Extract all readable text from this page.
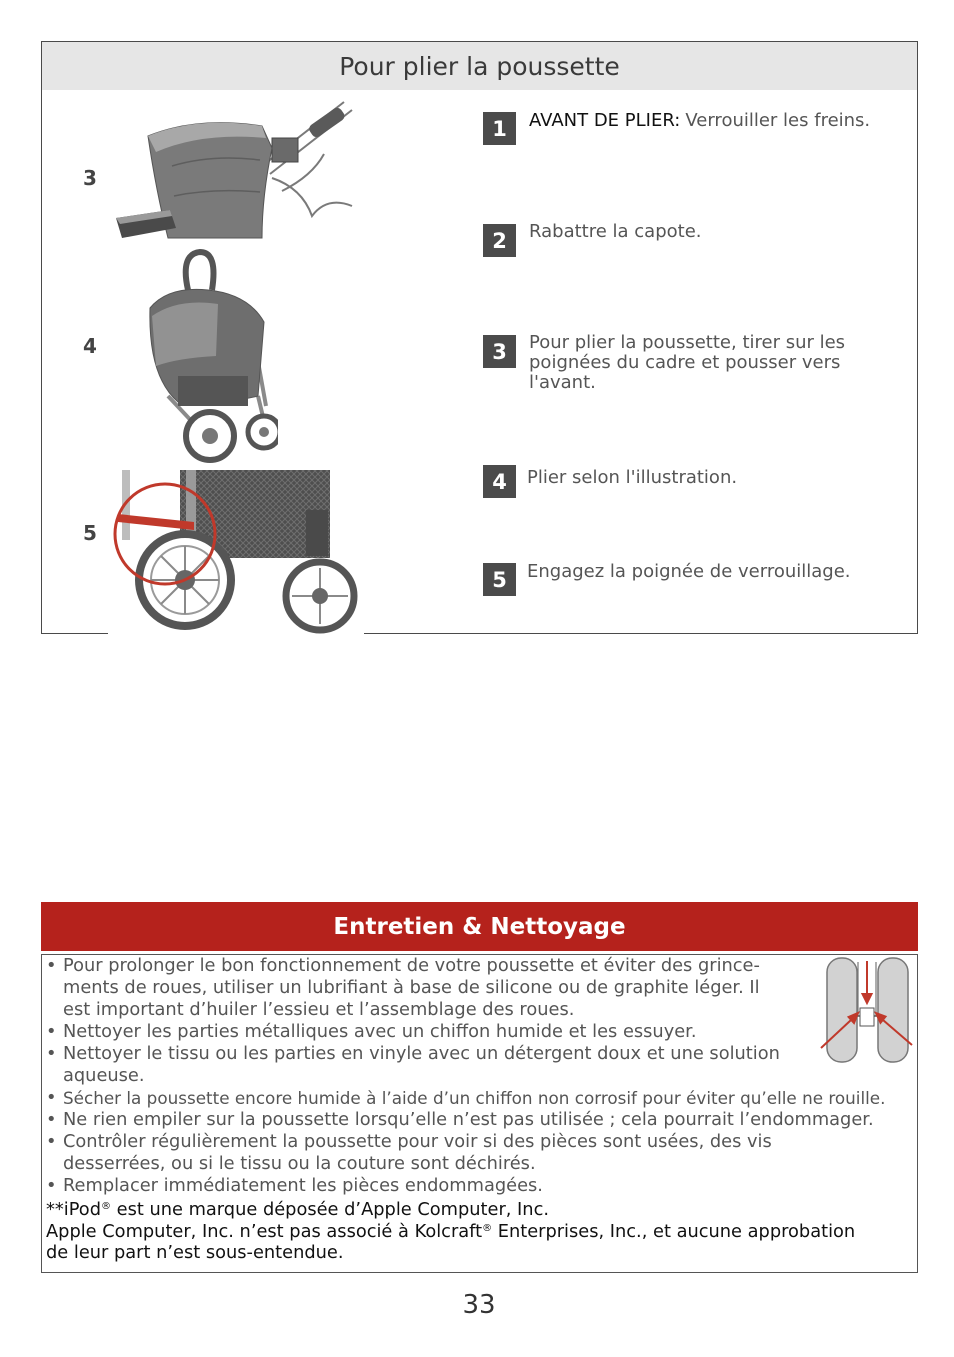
Pour plier la poussette
3
4
5
1 AVANT DE PLIER: Verrouiller les freins.
2 Rabattre la capote.
3 Pour plier la poussette, tirer sur les
poignées du cadre et pousser vers
l'avant.
4 Plier selon l'illustration.
5 Engagez la poignée de verrouillage.
Entretien & Nettoyage
• Pour prolonger le bon fonctionnement de votre poussette et éviter des grince-
ments de roues, utiliser un lubrifiant à base de silicone ou de graphite léger. Il
est important d’huiler l’essieu et l’assemblage des roues.
• Nettoyer les parties métalliques avec un chiffon humide et les essuyer.
• Nettoyer le tissu ou les parties en vinyle avec un détergent doux et une solution
aqueuse.
• Sécher la poussette encore humide à l’aide d’un chiffon non corrosif pour éviter qu’elle ne rouille.
• Ne rien empiler sur la poussette lorsqu’elle n’est pas utilisée ; cela pourrait l’endommager.
• Contrôler régulièrement la poussette pour voir si des pièces sont usées, des vis
desserrées, ou si le tissu ou la couture sont déchirés.
• Remplacer immédiatement les pièces endommagées.
**iPod® est une marque déposée d’Apple Computer, Inc.
Apple Computer, Inc. n’est pas associé à Kolcraft® Enterprises, Inc., et aucune approbation
de leur part n’est sous-entendue.
33
